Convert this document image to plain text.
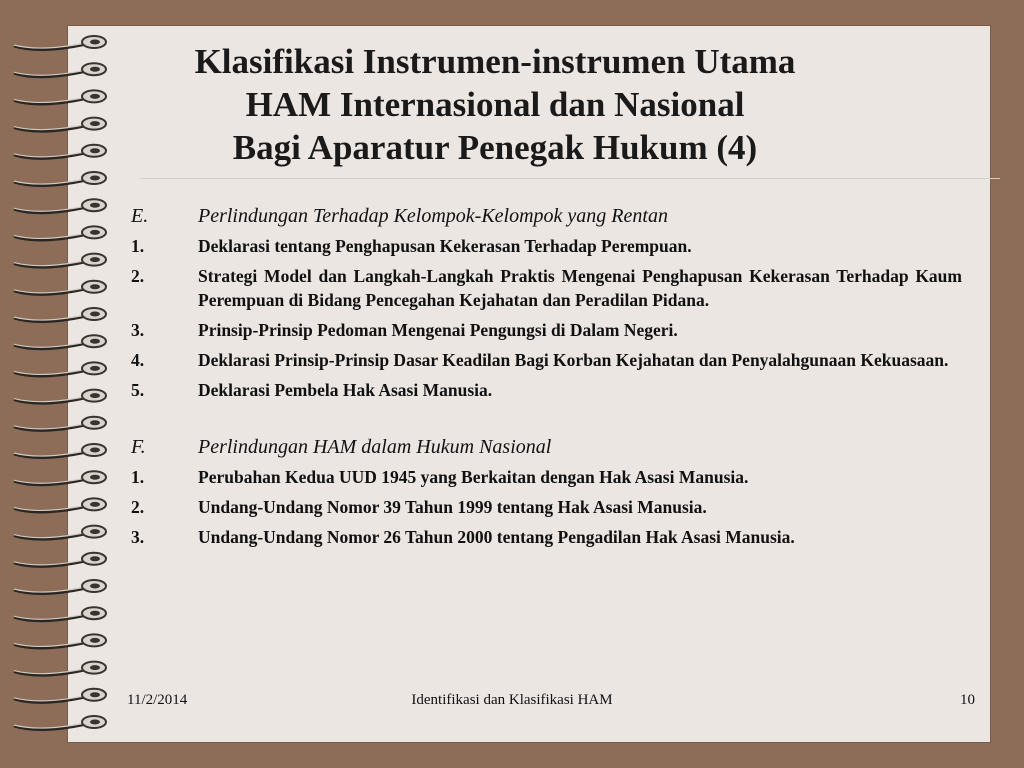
Klasifikasi Instrumen-instrumen Utama
HAM Internasional dan Nasional
Bagi Aparatur Penegak Hukum (4)
E.	Perlindungan Terhadap Kelompok-Kelompok yang Rentan
1.	Deklarasi tentang Penghapusan Kekerasan Terhadap Perempuan.
2.	Strategi Model dan Langkah-Langkah Praktis Mengenai Penghapusan Kekerasan Terhadap Kaum Perempuan di Bidang Pencegahan Kejahatan dan Peradilan Pidana.
3.	Prinsip-Prinsip Pedoman Mengenai Pengungsi di Dalam Negeri.
4.	Deklarasi Prinsip-Prinsip Dasar Keadilan Bagi Korban Kejahatan dan Penyalahgunaan Kekuasaan.
5.	Deklarasi Pembela Hak Asasi Manusia.
F.	Perlindungan HAM dalam Hukum Nasional
1.	Perubahan Kedua UUD 1945 yang Berkaitan dengan Hak Asasi Manusia.
2.	Undang-Undang Nomor 39 Tahun 1999 tentang Hak Asasi Manusia.
3.	Undang-Undang Nomor 26 Tahun 2000 tentang Pengadilan Hak Asasi Manusia.
11/2/2014	Identifikasi dan Klasifikasi HAM	10
